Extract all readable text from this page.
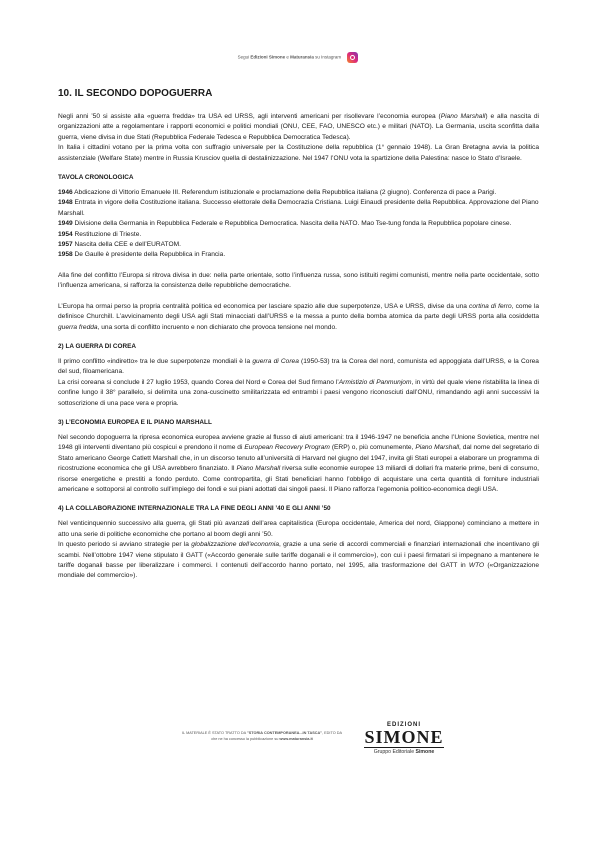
Segui Edizioni Simone e Maturansia su Instagram
10. IL SECONDO DOPOGUERRA

Negli anni ’50 si assiste alla «guerra fredda» tra USA ed URSS, agli interventi americani per risollevare l’economia europea (Piano Marshall) e alla nascita di organizzazioni atte a regolamentare i rapporti economici e politici mondiali (ONU, CEE, FAO, UNESCO etc.) e militari (NATO). La Germania, uscita sconfitta dalla guerra, viene divisa in due Stati (Repubblica Federale Tedesca e Repubblica Democratica Tedesca).
In Italia i cittadini votano per la prima volta con suffragio universale per la Costituzione della repubblica (1° gennaio 1948). La Gran Bretagna avvia la politica assistenziale (Welfare State) mentre in Russia Krusciov quella di destalinizzazione. Nel 1947 l’ONU vota la spartizione della Palestina: nasce lo Stato d’Israele.

TAVOLA CRONOLOGICA
1946 Abdicazione di Vittorio Emanuele III. Referendum istituzionale e proclamazione della Repubblica italiana (2 giugno). Conferenza di pace a Parigi.
1948 Entrata in vigore della Costituzione italiana. Successo elettorale della Democrazia Cristiana. Luigi Einaudi presidente della Repubblica. Approvazione del Piano Marshall.
1949 Divisione della Germania in Repubblica Federale e Repubblica Democratica. Nascita della NATO. Mao Tse-tung fonda la Repubblica popolare cinese.
1954 Restituzione di Trieste.
1957 Nascita della CEE e dell’EURATOM.
1958 De Gaulle è presidente della Repubblica in Francia.

Alla fine del conflitto l’Europa si ritrova divisa in due: nella parte orientale, sotto l’influenza russa, sono istituiti regimi comunisti, mentre nella parte occidentale, sotto l’influenza americana, si rafforza la consistenza delle repubbliche democratiche.

L’Europa ha ormai perso la propria centralità politica ed economica per lasciare spazio alle due superpotenze, USA e URSS, divise da una cortina di ferro, come la definisce Churchill. L’avvicinamento degli USA agli Stati minacciati dall’URSS e la messa a punto della bomba atomica da parte degli URSS porta alla cosiddetta guerra fredda, una sorta di conflitto incruento e non dichiarato che provoca tensione nel mondo.

2) LA GUERRA DI COREA

Il primo conflitto «indiretto» tra le due superpotenze mondiali è la guerra di Corea (1950-53) tra la Corea del nord, comunista ed appoggiata dall’URSS, e la Corea del sud, filoamericana.
La crisi coreana si conclude il 27 luglio 1953, quando Corea del Nord e Corea del Sud firmano l’Armistizio di Panmunjom, in virtù del quale viene ristabilita la linea di confine lungo il 38° parallelo, si delimita una zona-cuscinetto smilitarizzata ed entrambi i paesi vengono riconosciuti dall’ONU, rimandando agli anni successivi la sottoscrizione di una pace vera e propria.

3) L’ECONOMIA EUROPEA E IL PIANO MARSHALL

Nel secondo dopoguerra la ripresa economica europea avviene grazie al flusso di aiuti americani: tra il 1946-1947 ne beneficia anche l’Unione Sovietica, mentre nel 1948 gli interventi diventano più cospicui e prendono il nome di European Recovery Program (ERP) o, più comunemente, Piano Marshall, dal nome del segretario di Stato americano George Catlett Marshall che, in un discorso tenuto all’università di Harvard nel giugno del 1947, invita gli Stati europei a elaborare un programma di ricostruzione economica che gli USA avrebbero finanziato. Il Piano Marshall riversa sulle economie europee 13 miliardi di dollari fra materie prime, beni di consumo, risorse energetiche e prestiti a fondo perduto. Come contropartita, gli Stati beneficiari hanno l’obbligo di acquistare una certa quantità di forniture industriali americane e sottoporsi al controllo sull’impiego dei fondi e sui piani adottati dai singoli paesi. Il Piano rafforza l’egemonia politico-economica degli USA.

4) LA COLLABORAZIONE INTERNAZIONALE TRA LA FINE DEGLI ANNI ’40 E GLI ANNI ’50

Nel venticinquennio successivo alla guerra, gli Stati più avanzati dell’area capitalistica (Europa occidentale, America del nord, Giappone) cominciano a mettere in atto una serie di politiche economiche che portano al boom degli anni ’50.
In questo periodo si avviano strategie per la globalizzazione dell’economia, grazie a una serie di accordi commerciali e finanziari internazionali che incentivano gli scambi. Nell’ottobre 1947 viene stipulato il GATT («Accordo generale sulle tariffe doganali e il commercio»), con cui i paesi firmatari si impegnano a mantenere le tariffe doganali basse per liberalizzare i commerci. I contenuti dell’accordo hanno portato, nel 1995, alla trasformazione del GATT in WTO («Organizzazione mondiale del commercio»).

IL MATERIALE È STATO TRATTO DA "STORIA CONTEMPORANEA...IN TASCA", EDITO DA
che ne ha concesso la pubblicazione su www.maturansia.it
EDIZIONI
SIMONE
Gruppo Editoriale Simone
